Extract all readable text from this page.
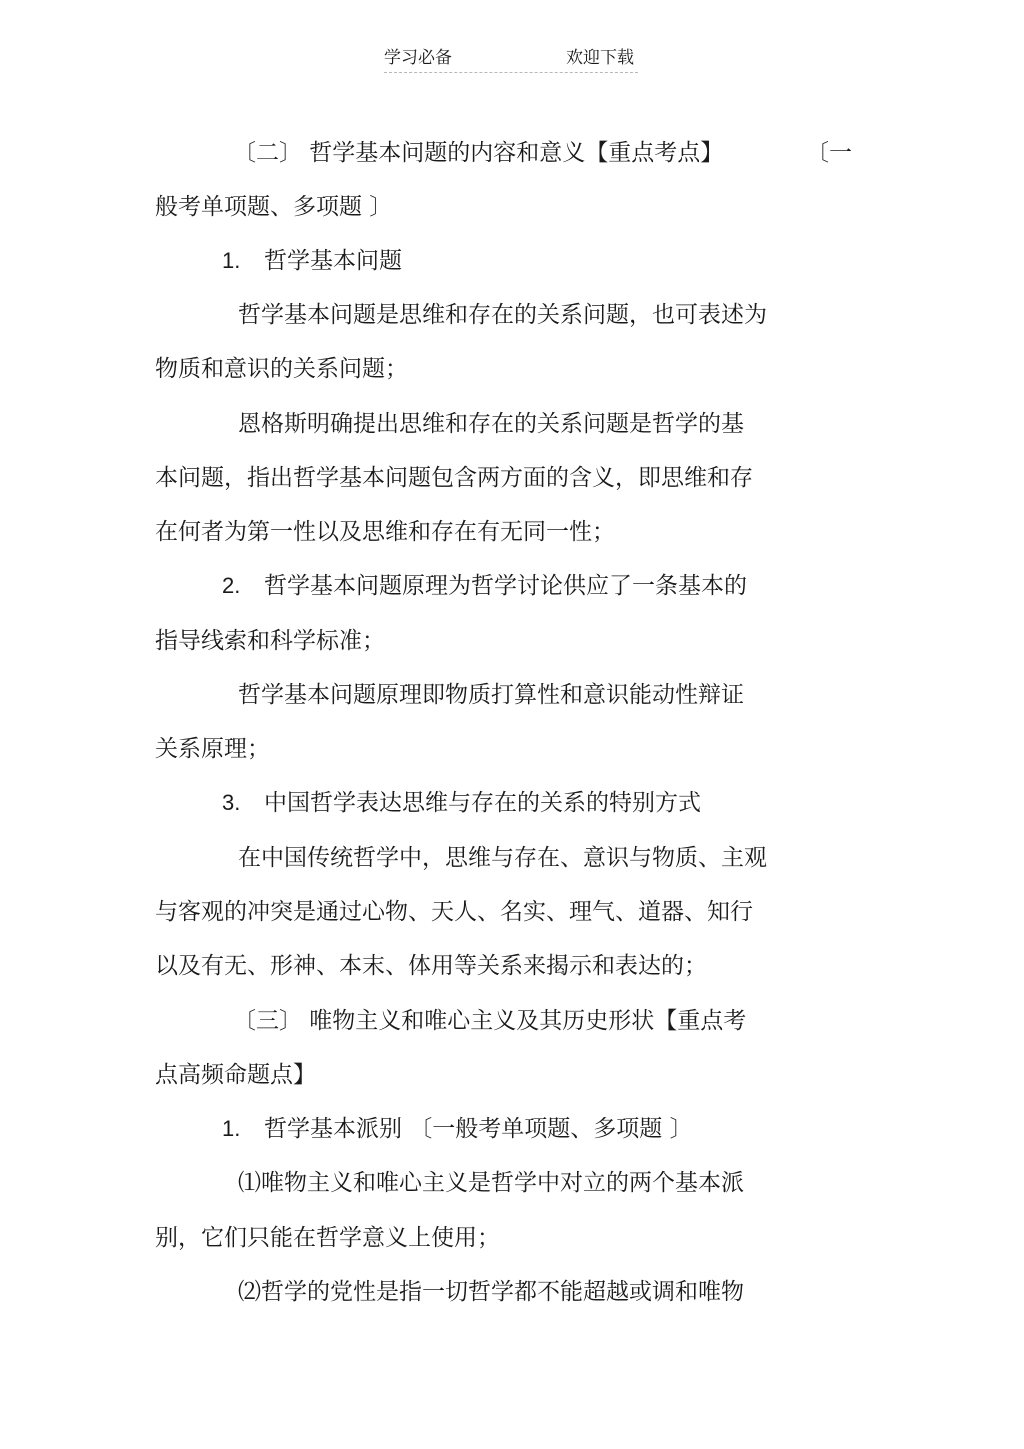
学习必备	欢迎下载
〔二〕 哲学基本问题的内容和意义【重点考点】	〔一
般考单项题、多项题 〕
1. 哲学基本问题
哲学基本问题是思维和存在的关系问题，也可表述为
物质和意识的关系问题；
恩格斯明确提出思维和存在的关系问题是哲学的基
本问题，指出哲学基本问题包含两方面的含义，即思维和存
在何者为第一性以及思维和存在有无同一性；
2. 哲学基本问题原理为哲学讨论供应了一条基本的
指导线索和科学标准；
哲学基本问题原理即物质打算性和意识能动性辩证
关系原理；
3. 中国哲学表达思维与存在的关系的特别方式
在中国传统哲学中，思维与存在、意识与物质、主观
与客观的冲突是通过心物、天人、名实、理气、道器、知行
以及有无、形神、本末、体用等关系来揭示和表达的；
〔三〕 唯物主义和唯心主义及其历史形状【重点考
点高频命题点】
1. 哲学基本派别 〔一般考单项题、多项题 〕
⑴唯物主义和唯心主义是哲学中对立的两个基本派
别，它们只能在哲学意义上使用；
⑵哲学的党性是指一切哲学都不能超越或调和唯物
